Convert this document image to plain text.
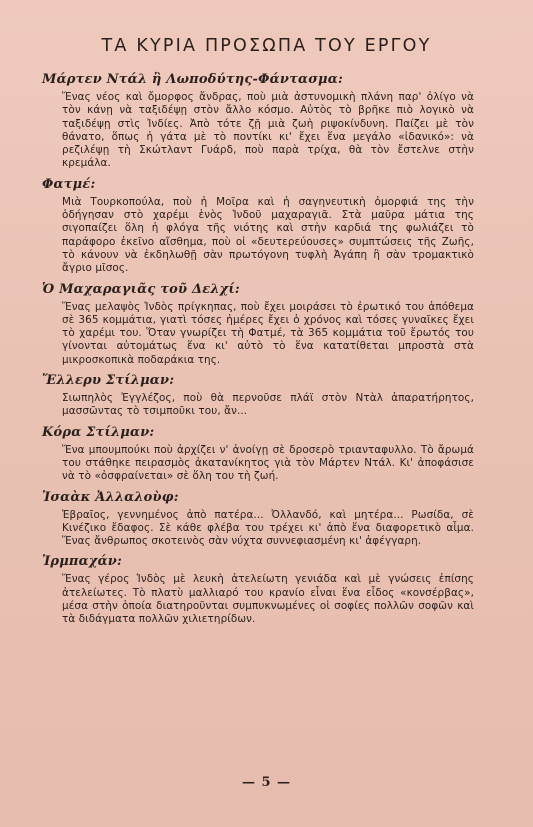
ΤΑ ΚΥΡΙΑ ΠΡΟΣΩΠΑ ΤΟΥ ΕΡΓΟΥ
Μάρτεν Ντάλ ἢ Λωποδύτης-Φάντασμα:
Ἕνας νέος καὶ ὄμορφος ἄνδρας, ποὺ μιὰ ἀστυνομικὴ πλάνη παρ' ὀλίγο νὰ τὸν κάνῃ νὰ ταξιδέψῃ στὸν ἄλλο κόσμο. Αὐτὸς τὸ βρῆκε πιὸ λογικὸ νὰ ταξιδέψῃ στὶς Ἰνδίες. Ἀπὸ τότε ζῇ μιὰ ζωὴ ριψοκίνδυνη. Παίζει μὲ τὸν θάνατο, ὅπως ἡ γάτα μὲ τὸ ποντίκι κι' ἔχει ἕνα μεγάλο «ἰδανικό»: νὰ ρεζιλέψῃ τὴ Σκώτλαντ Γυάρδ, ποὺ παρὰ τρίχα, θὰ τὸν ἔστελνε στὴν κρεμάλα.
Φατμέ:
Μιὰ Τουρκοπούλα, ποὺ ἡ Μοῖρα καὶ ἡ σαγηνευτικὴ ὀμορφιά της τὴν ὁδήγησαν στὸ χαρέμι ἑνὸς Ἰνδοῦ μαχαραγιᾶ. Στὰ μαῦρα μάτια της σιγοπαίζει ὅλη ἡ φλόγα τῆς νιότης καὶ στὴν καρδιά της φωλιάζει τὸ παράφορο ἐκεῖνο αἴσθημα, ποὺ οἱ «δευτερεύουσες» συμπτώσεις τῆς Ζωῆς, τὸ κάνουν νὰ ἐκδηλωθῇ σὰν πρωτόγονη τυφλὴ Ἀγάπη ἢ σὰν τρομακτικὸ ἄγριο μῖσος.
Ὁ Μαχαραγιᾶς τοῦ Δελχί:
Ἕνας μελαψὸς Ἰνδὸς πρίγκηπας, ποὺ ἔχει μοιράσει τὸ ἐρωτικό του ἀπόθεμα σὲ 365 κομμάτια, γιατὶ τόσες ἡμέρες ἔχει ὁ χρόνος καὶ τόσες γυναῖκες ἔχει τὸ χαρέμι του. Ὅταν γνωρίζει τὴ Φατμέ, τὰ 365 κομμάτια τοῦ ἔρωτός του γίνονται αὐτομάτως ἕνα κι' αὐτὸ τὸ ἕνα κατατίθεται μπροστὰ στὰ μικροσκοπικὰ ποδαράκια της.
Ἔλλερυ Στίλμαν:
Σιωπηλὸς Ἐγγλέζος, ποὺ θὰ περνοῦσε πλάϊ στὸν Ντὰλ ἀπαρατήρητος, μασσῶντας τὸ τσιμποῦκι του, ἄν...
Κόρα Στίλμαν:
Ἕνα μπουμπούκι ποὺ ἀρχίζει ν' ἀνοίγῃ σὲ δροσερὸ τριανταφυλλο. Τὸ ἄρωμά του στάθηκε πειρασμὸς ἀκατανίκητος γιὰ τὸν Μάρτεν Ντάλ. Κι' ἀποφάσισε νὰ τὸ «ὀσφραίνεται» σὲ ὅλη του τὴ ζωή.
Ἰσαὰκ Ἀλλαλοὺφ:
Ἑβραῖος, γεννημένος ἀπὸ πατέρα... Ὀλλανδό, καὶ μητέρα... Ρωσίδα, σὲ Κινέζικο ἔδαφος. Σὲ κάθε φλέβα του τρέχει κι' ἀπὸ ἕνα διαφορετικὸ αἷμα. Ἕνας ἄνθρωπος σκοτεινὸς σὰν νύχτα συννεφιασμένη κι' ἀφέγγαρη.
Ἰρμπαχάν:
Ἕνας γέρος Ἰνδὸς μὲ λευκὴ ἀτελείωτη γενιάδα καὶ μὲ γνώσεις ἐπίσης ἀτελείωτες. Τὸ πλατὺ μαλλιαρό του κρανίο εἶναι ἕνα εἶδος «κονσέρβας», μέσα στὴν ὁποία διατηροῦνται συμπυκνωμένες οἱ σοφίες πολλῶν σοφῶν καὶ τὰ διδάγματα πολλῶν χιλιετηρίδων.
— 5 —
